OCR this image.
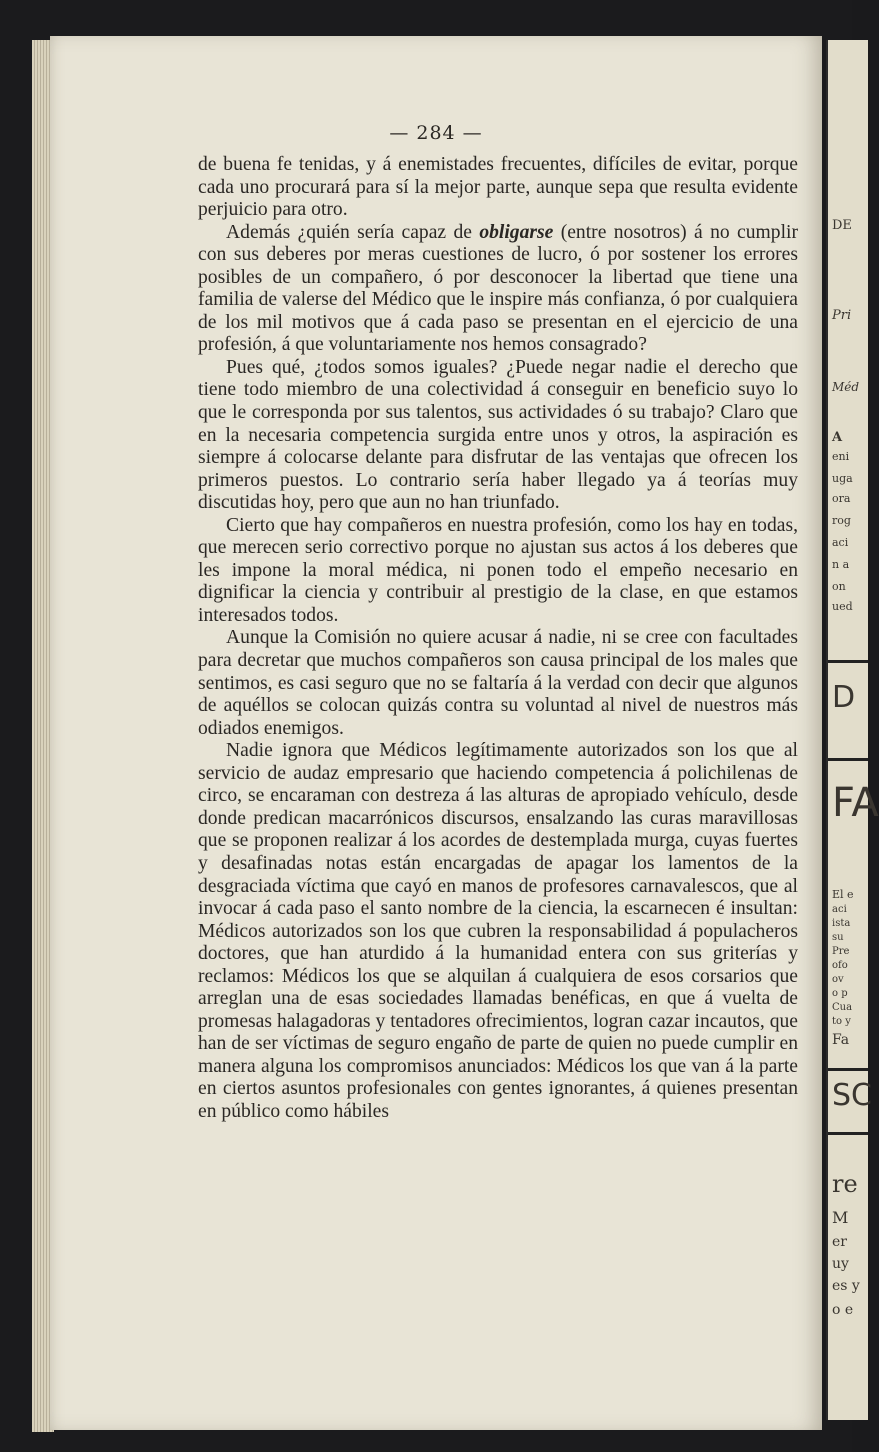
— 284 —

de buena fe tenidas, y á enemistades frecuentes, difíciles de evitar, porque cada uno procurará para sí la mejor parte, aunque sepa que resulta evidente perjuicio para otro.

Además ¿quién sería capaz de obligarse (entre nosotros) á no cumplir con sus deberes por meras cuestiones de lucro, ó por sostener los errores posibles de un compañero, ó por desconocer la libertad que tiene una familia de valerse del Médico que le inspire más confianza, ó por cualquiera de los mil motivos que á cada paso se presentan en el ejercicio de una profesión, á que voluntariamente nos hemos consagrado?

Pues qué, ¿todos somos iguales? ¿Puede negar nadie el derecho que tiene todo miembro de una colectividad á conseguir en beneficio suyo lo que le corresponda por sus talentos, sus actividades ó su trabajo? Claro que en la necesaria competencia surgida entre unos y otros, la aspiración es siempre á colocarse delante para disfrutar de las ventajas que ofrecen los primeros puestos. Lo contrario sería haber llegado ya á teorías muy discutidas hoy, pero que aun no han triunfado.

Cierto que hay compañeros en nuestra profesión, como los hay en todas, que merecen serio correctivo porque no ajustan sus actos á los deberes que les impone la moral médica, ni ponen todo el empeño necesario en dignificar la ciencia y contribuir al prestigio de la clase, en que estamos interesados todos.

Aunque la Comisión no quiere acusar á nadie, ni se cree con facultades para decretar que muchos compañeros son causa principal de los males que sentimos, es casi seguro que no se faltaría á la verdad con decir que algunos de aquéllos se colocan quizás contra su voluntad al nivel de nuestros más odiados enemigos.

Nadie ignora que Médicos legítimamente autorizados son los que al servicio de audaz empresario que haciendo competencia á polichilenas de circo, se encaraman con destreza á las alturas de apropiado vehículo, desde donde predican macarrónicos discursos, ensalzando las curas maravillosas que se proponen realizar á los acordes de destemplada murga, cuyas fuertes y desafinadas notas están encargadas de apagar los lamentos de la desgraciada víctima que cayó en manos de profesores carnavalescos, que al invocar á cada paso el santo nombre de la ciencia, la escarnecen é insultan: Médicos autorizados son los que cubren la responsabilidad á populacheros doctores, que han aturdido á la humanidad entera con sus griterías y reclamos: Médicos los que se alquilan á cualquiera de esos corsarios que arreglan una de esas sociedades llamadas benéficas, en que á vuelta de promesas halagadoras y tentadores ofrecimientos, logran cazar incautos, que han de ser víctimas de seguro engaño de parte de quien no puede cumplir en manera alguna los compromisos anunciados: Médicos los que van á la parte en ciertos asuntos profesionales con gentes ignorantes, á quienes presentan en público como hábiles

DE
Pri
Méd
A
eni
uga
ora
rog
aci
n a
on
ued
D
FA
El e
aci
ista
su
Pre
ofo
ov
o p
Cua
to y
Fa
SC
re
M
er
uy
es y
o e
